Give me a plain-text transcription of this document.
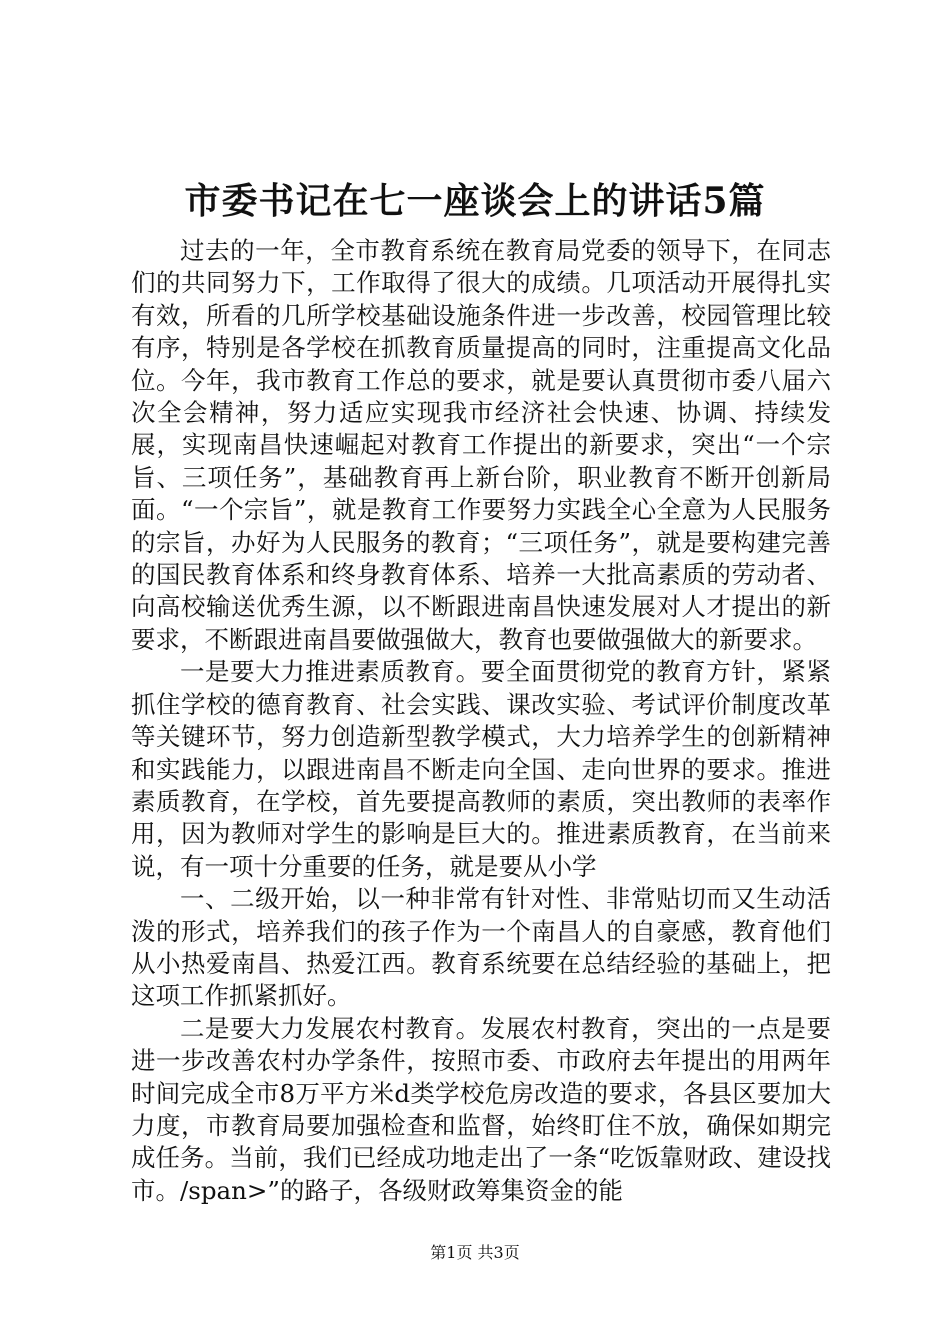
市委书记在七一座谈会上的讲话5篇

过去的一年，全市教育系统在教育局党委的领导下，在同志们的共同努力下，工作取得了很大的成绩。几项活动开展得扎实有效，所看的几所学校基础设施条件进一步改善，校园管理比较有序，特别是各学校在抓教育质量提高的同时，注重提高文化品位。今年，我市教育工作总的要求，就是要认真贯彻市委八届六次全会精神，努力适应实现我市经济社会快速、协调、持续发展，实现南昌快速崛起对教育工作提出的新要求，突出“一个宗旨、三项任务”，基础教育再上新台阶，职业教育不断开创新局面。“一个宗旨”，就是教育工作要努力实践全心全意为人民服务的宗旨，办好为人民服务的教育；“三项任务”，就是要构建完善的国民教育体系和终身教育体系、培养一大批高素质的劳动者、向高校输送优秀生源，以不断跟进南昌快速发展对人才提出的新要求，不断跟进南昌要做强做大，教育也要做强做大的新要求。

一是要大力推进素质教育。要全面贯彻党的教育方针，紧紧抓住学校的德育教育、社会实践、课改实验、考试评价制度改革等关键环节，努力创造新型教学模式，大力培养学生的创新精神和实践能力，以跟进南昌不断走向全国、走向世界的要求。推进素质教育，在学校，首先要提高教师的素质，突出教师的表率作用，因为教师对学生的影响是巨大的。推进素质教育，在当前来说，有一项十分重要的任务，就是要从小学

一、二级开始，以一种非常有针对性、非常贴切而又生动活泼的形式，培养我们的孩子作为一个南昌人的自豪感，教育他们从小热爱南昌、热爱江西。教育系统要在总结经验的基础上，把这项工作抓紧抓好。

二是要大力发展农村教育。发展农村教育，突出的一点是要进一步改善农村办学条件，按照市委、市政府去年提出的用两年时间完成全市8万平方米d类学校危房改造的要求，各县区要加大力度，市教育局要加强检查和监督，始终盯住不放，确保如期完成任务。当前，我们已经成功地走出了一条“吃饭靠财政、建设找市。/span>”的路子，各级财政筹集资金的能

第1页 共3页
